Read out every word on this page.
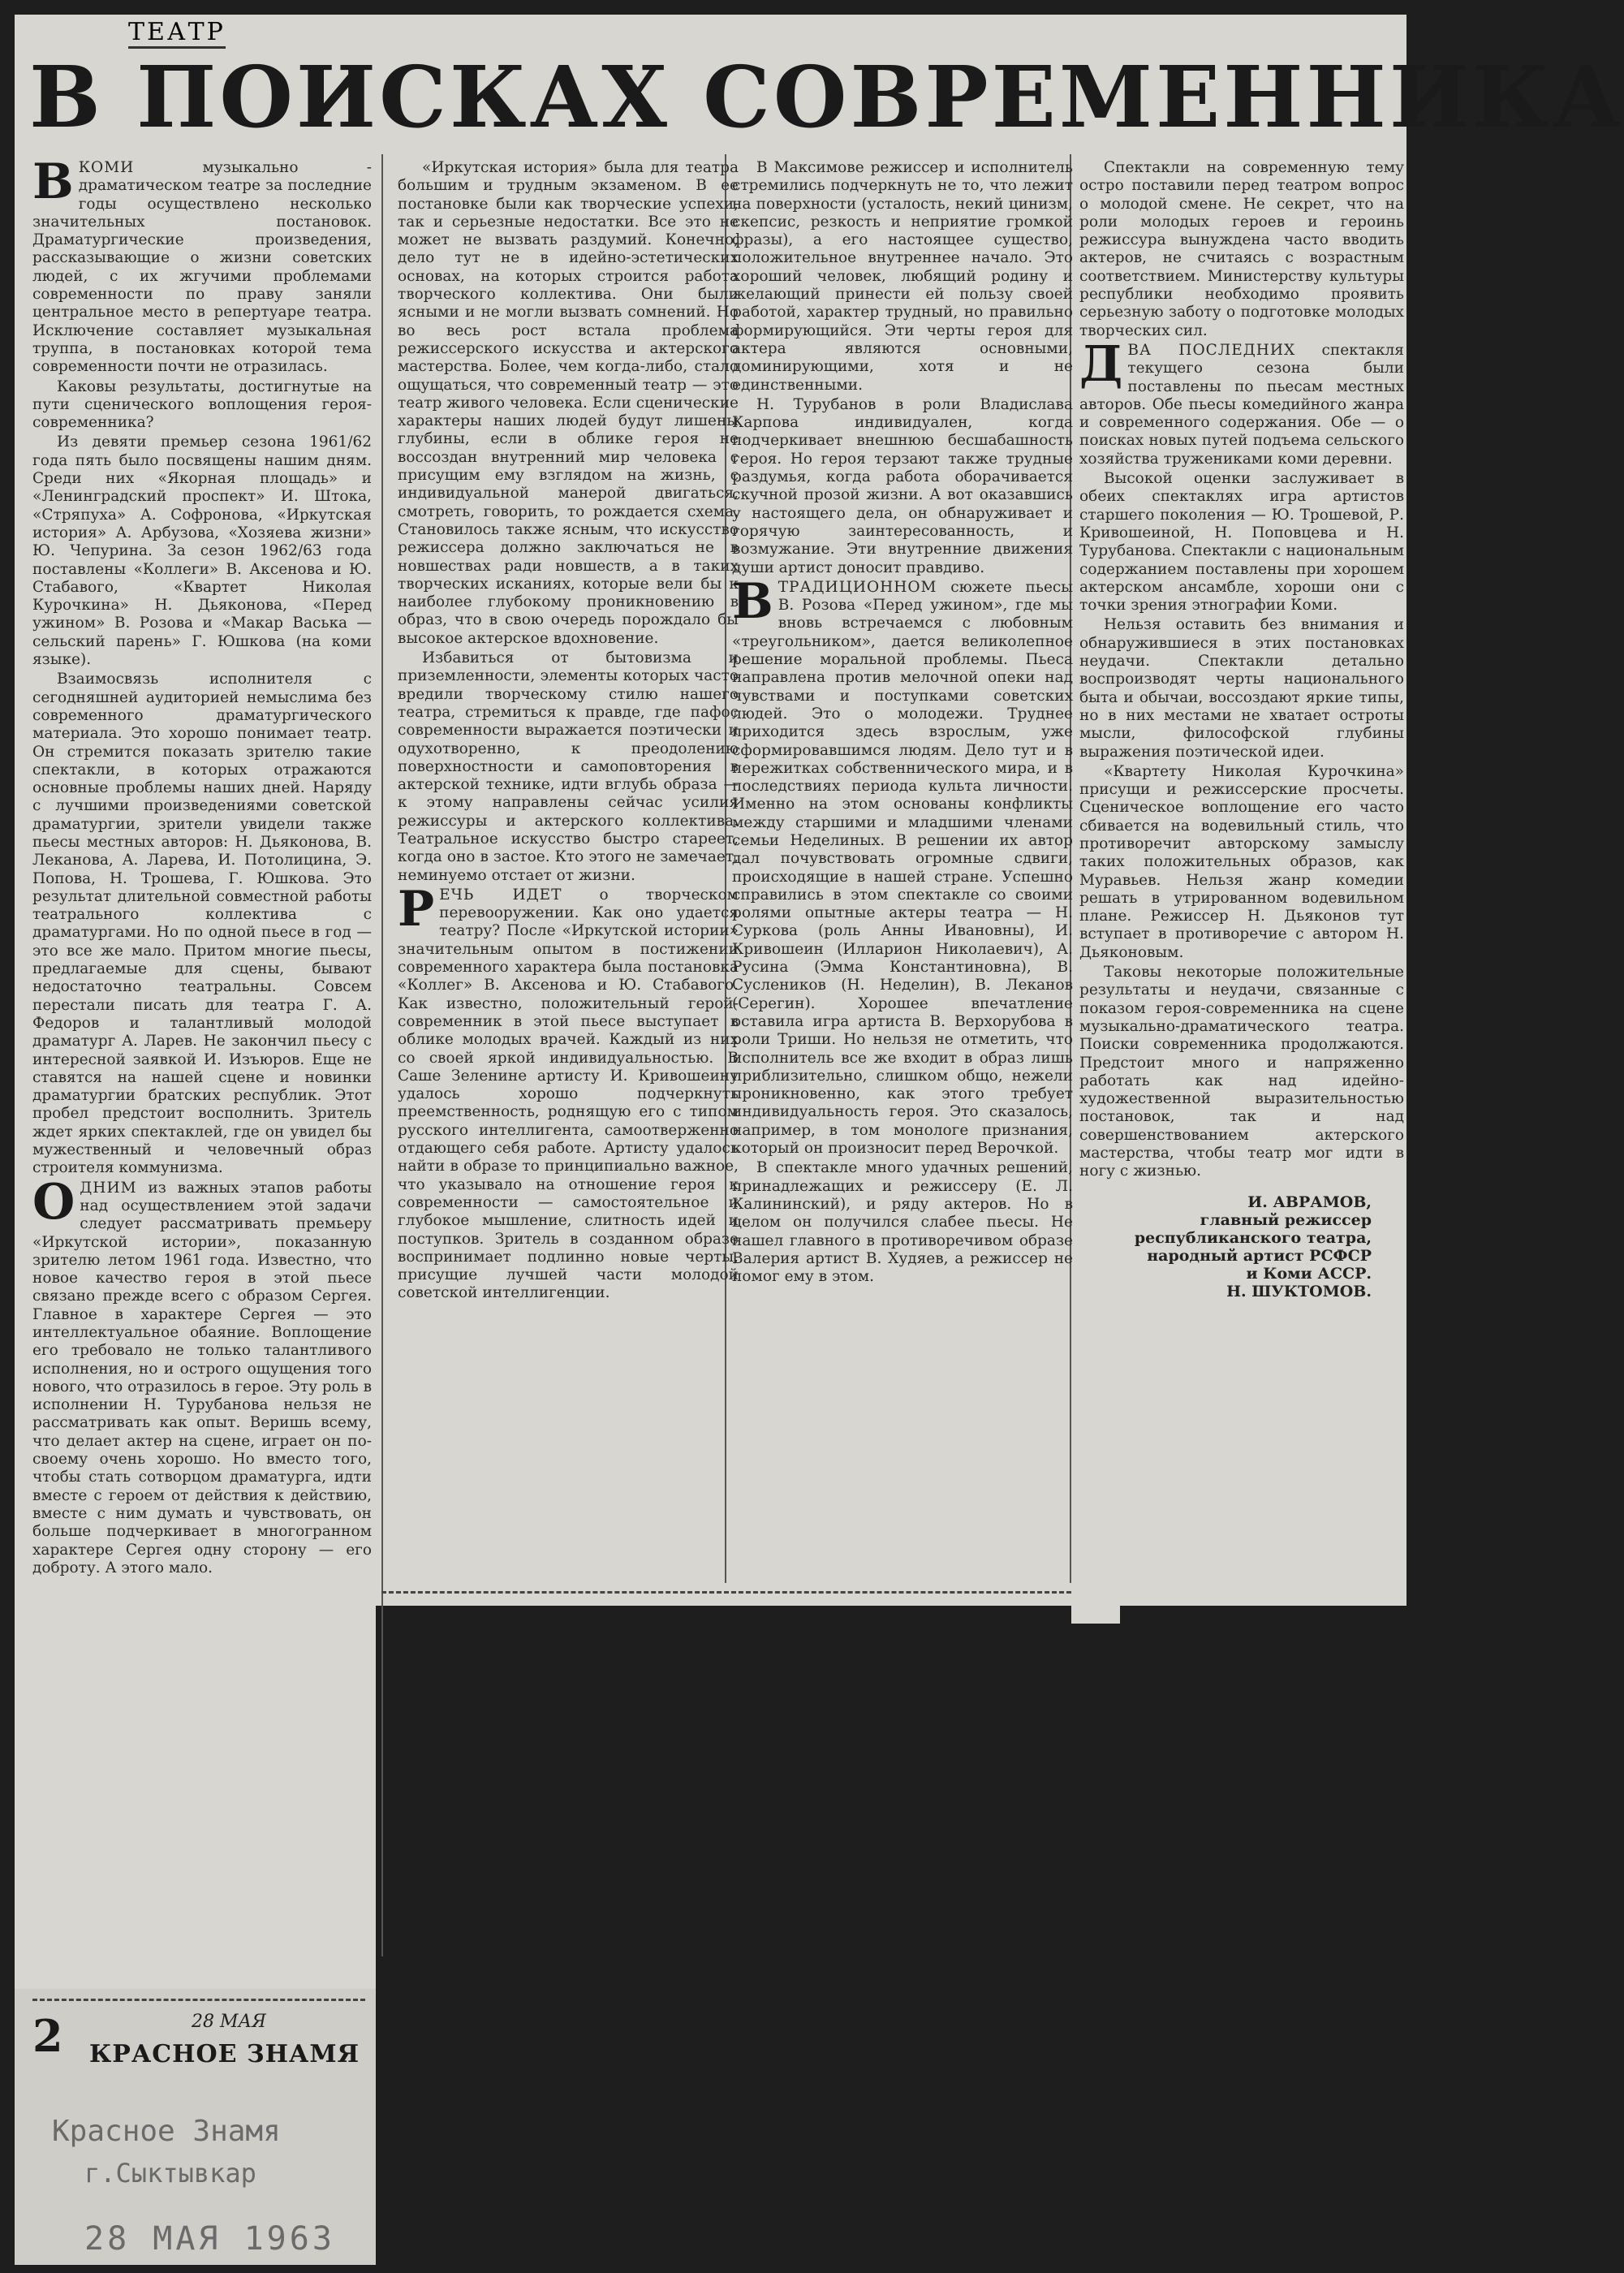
ТЕАТР
В ПОИСКАХ СОВРЕМЕННИКА

ВКОМИ музыкально - драматическом театре за последние годы осуществлено несколько значительных постановок. Драматургические произведения, рассказывающие о жизни советских людей, с их жгучими проблемами современности по праву заняли центральное место в репертуаре театра. Исключение составляет музыкальная труппа, в постановках которой тема современности почти не отразилась.

Каковы результаты, достигнутые на пути сценического воплощения героя-современника?

Из девяти премьер сезона 1961/62 года пять было посвящены нашим дням. Среди них «Якорная площадь» и «Ленинградский проспект» И. Штока, «Стряпуха» А. Софронова, «Иркутская история» А. Арбузова, «Хозяева жизни» Ю. Чепурина. За сезон 1962/63 года поставлены «Коллеги» В. Аксенова и Ю. Стабавого, «Квартет Николая Курочкина» Н. Дьяконова, «Перед ужином» В. Розова и «Макар Васька — сельский парень» Г. Юшкова (на коми языке).

Взаимосвязь исполнителя с сегодняшней аудиторией немыслима без современного драматургического материала. Это хорошо понимает театр. Он стремится показать зрителю такие спектакли, в которых отражаются основные проблемы наших дней. Наряду с лучшими произведениями советской драматургии, зрители увидели также пьесы местных авторов: Н. Дьяконова, В. Леканова, А. Ларева, И. Потолицина, Э. Попова, Н. Трошева, Г. Юшкова. Это результат длительной совместной работы театрального коллектива с драматургами. Но по одной пьесе в год — это все же мало. Притом многие пьесы, предлагаемые для сцены, бывают недостаточно театральны. Совсем перестали писать для театра Г. А. Федоров и талантливый молодой драматург А. Ларев. Не закончил пьесу с интересной заявкой И. Изъюров. Еще не ставятся на нашей сцене и новинки драматургии братских республик. Этот пробел предстоит восполнить. Зритель ждет ярких спектаклей, где он увидел бы мужественный и человечный образ строителя коммунизма.

ОДНИМ из важных этапов работы над осуществлением этой задачи следует рассматривать премьеру «Иркутской истории», показанную зрителю летом 1961 года. Известно, что новое качество героя в этой пьесе связано прежде всего с образом Сергея. Главное в характере Сергея — это интеллектуальное обаяние. Воплощение его требовало не только талантливого исполнения, но и острого ощущения того нового, что отразилось в герое. Эту роль в исполнении Н. Турубанова нельзя не рассматривать как опыт. Веришь всему, что делает актер на сцене, играет он по-своему очень хорошо. Но вместо того, чтобы стать сотворцом драматурга, идти вместе с героем от действия к действию, вместе с ним думать и чувствовать, он больше подчеркивает в многогранном характере Сергея одну сторону — его доброту. А этого мало.

«Иркутская история» была для театра большим и трудным экзаменом. В ее постановке были как творческие успехи, так и серьезные недостатки. Все это не может не вызвать раздумий. Конечно, дело тут не в идейно-эстетических основах, на которых строится работа творческого коллектива. Они были ясными и не могли вызвать сомнений. Но во весь рост встала проблема режиссерского искусства и актерского мастерства. Более, чем когда-либо, стало ощущаться, что современный театр — это театр живого человека. Если сценические характеры наших людей будут лишены глубины, если в облике героя не воссоздан внутренний мир человека с присущим ему взглядом на жизнь, с индивидуальной манерой двигаться, смотреть, говорить, то рождается схема. Становилось также ясным, что искусство режиссера должно заключаться не в новшествах ради новшеств, а в таких творческих исканиях, которые вели бы к наиболее глубокому проникновению в образ, что в свою очередь порождало бы высокое актерское вдохновение.

Избавиться от бытовизма и приземленности, элементы которых часто вредили творческому стилю нашего театра, стремиться к правде, где пафос современности выражается поэтически и одухотворенно, к преодолению поверхностности и самоповторения в актерской технике, идти вглубь образа — к этому направлены сейчас усилия режиссуры и актерского коллектива. Театральное искусство быстро стареет, когда оно в застое. Кто этого не замечает, неминуемо отстает от жизни.

РЕЧЬ ИДЕТ о творческом перевооружении. Как оно удается театру? После «Иркутской истории» значительным опытом в постижении современного характера была постановка «Коллег» В. Аксенова и Ю. Стабавого. Как известно, положительный герой-современник в этой пьесе выступает в облике молодых врачей. Каждый из них со своей яркой индивидуальностью. В Саше Зеленине артисту И. Кривошеину удалось хорошо подчеркнуть преемственность, роднящую его с типом русского интеллигента, самоотверженно отдающего себя работе. Артисту удалось найти в образе то принципиально важное, что указывало на отношение героя к современности — самостоятельное и глубокое мышление, слитность идей и поступков. Зритель в созданном образе воспринимает подлинно новые черты, присущие лучшей части молодой советской интеллигенции.

В Максимове режиссер и исполнитель стремились подчеркнуть не то, что лежит на поверхности (усталость, некий цинизм, скепсис, резкость и неприятие громкой фразы), а его настоящее существо, положительное внутреннее начало. Это хороший человек, любящий родину и желающий принести ей пользу своей работой, характер трудный, но правильно формирующийся. Эти черты героя для актера являются основными, доминирующими, хотя и не единственными.

Н. Турубанов в роли Владислава Карпова индивидуален, когда подчеркивает внешнюю бесшабашность героя. Но героя терзают также трудные раздумья, когда работа оборачивается скучной прозой жизни. А вот оказавшись у настоящего дела, он обнаруживает и горячую заинтересованность, и возмужание. Эти внутренние движения души артист доносит правдиво.

ВТРАДИЦИОННОМ сюжете пьесы В. Розова «Перед ужином», где мы вновь встречаемся с любовным «треугольником», дается великолепное решение моральной проблемы. Пьеса направлена против мелочной опеки над чувствами и поступками советских людей. Это о молодежи. Труднее приходится здесь взрослым, уже сформировавшимся людям. Дело тут и в пережитках собственнического мира, и в последствиях периода культа личности. Именно на этом основаны конфликты между старшими и младшими членами семьи Неделиных. В решении их автор дал почувствовать огромные сдвиги, происходящие в нашей стране. Успешно справились в этом спектакле со своими ролями опытные актеры театра — Н. Суркова (роль Анны Ивановны), И. Кривошеин (Илларион Николаевич), А. Русина (Эмма Константиновна), В. Суслеников (Н. Неделин), В. Леканов (Серегин). Хорошее впечатление оставила игра артиста В. Верхорубова в роли Триши. Но нельзя не отметить, что исполнитель все же входит в образ лишь приблизительно, слишком общо, нежели проникновенно, как этого требует индивидуальность героя. Это сказалось, например, в том монологе признания, который он произносит перед Верочкой.

В спектакле много удачных решений, принадлежащих и режиссеру (Е. Л. Калининский), и ряду актеров. Но в целом он получился слабее пьесы. Не нашел главного в противоречивом образе Валерия артист В. Худяев, а режиссер не помог ему в этом.

Спектакли на современную тему остро поставили перед театром вопрос о молодой смене. Не секрет, что на роли молодых героев и героинь режиссура вынуждена часто вводить актеров, не считаясь с возрастным соответствием. Министерству культуры республики необходимо проявить серьезную заботу о подготовке молодых творческих сил.

ДВА ПОСЛЕДНИХ спектакля текущего сезона были поставлены по пьесам местных авторов. Обе пьесы комедийного жанра и современного содержания. Обе — о поисках новых путей подъема сельского хозяйства тружениками коми деревни.

Высокой оценки заслуживает в обеих спектаклях игра артистов старшего поколения — Ю. Трошевой, Р. Кривошеиной, Н. Поповцева и Н. Турубанова. Спектакли с национальным содержанием поставлены при хорошем актерском ансамбле, хороши они с точки зрения этнографии Коми.

Нельзя оставить без внимания и обнаружившиеся в этих постановках неудачи. Спектакли детально воспроизводят черты национального быта и обычаи, воссоздают яркие типы, но в них местами не хватает остроты мысли, философской глубины выражения поэтической идеи.

«Квартету Николая Курочкина» присущи и режиссерские просчеты. Сценическое воплощение его часто сбивается на водевильный стиль, что противоречит авторскому замыслу таких положительных образов, как Муравьев. Нельзя жанр комедии решать в утрированном водевильном плане. Режиссер Н. Дьяконов тут вступает в противоречие с автором Н. Дьяконовым.

Таковы некоторые положительные результаты и неудачи, связанные с показом героя-современника на сцене музыкально-драматического театра. Поиски современника продолжаются. Предстоит много и напряженно работать как над идейно-художественной выразительностью постановок, так и над совершенствованием актерского мастерства, чтобы театр мог идти в ногу с жизнью.

И. АВРАМОВ,
главный режиссер
республиканского театра,
народный артист РСФСР
и Коми АССР.
Н. ШУКТОМОВ.
2	28 МАЯ
КРАСНОЕ ЗНАМЯ
Красное Знам​я
г.Сыктывкар
28 МАЯ 1963
